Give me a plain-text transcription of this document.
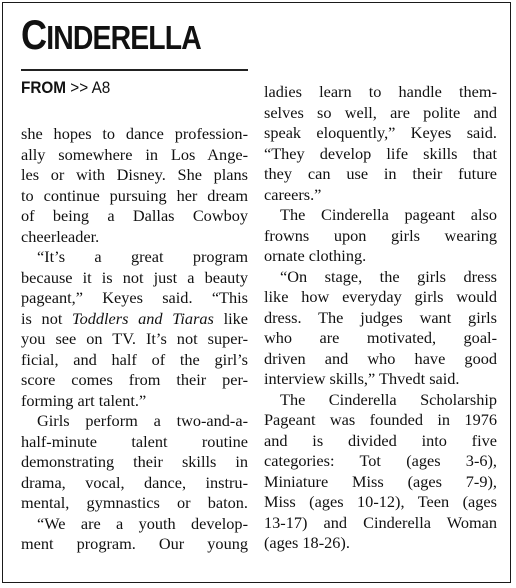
CINDERELLA
FROM >> A8
she hopes to dance profession-
ally somewhere in Los Ange-
les or with Disney. She plans
to continue pursuing her dream
of being a Dallas Cowboy
cheerleader.
“It’s a great program
because it is not just a beauty
pageant,” Keyes said. “This
is not Toddlers and Tiaras like
you see on TV. It’s not super-
ficial, and half of the girl’s
score comes from their per-
forming art talent.”
Girls perform a two-and-a-
half-minute talent routine
demonstrating their skills in
drama, vocal, dance, instru-
mental, gymnastics or baton.
“We are a youth develop-
ment program. Our young
ladies learn to handle them-
selves so well, are polite and
speak eloquently,” Keyes said.
“They develop life skills that
they can use in their future
careers.”
The Cinderella pageant also
frowns upon girls wearing
ornate clothing.
“On stage, the girls dress
like how everyday girls would
dress. The judges want girls
who are motivated, goal-
driven and who have good
interview skills,” Thvedt said.
The Cinderella Scholarship
Pageant was founded in 1976
and is divided into five
categories: Tot (ages 3-6),
Miniature Miss (ages 7-9),
Miss (ages 10-12), Teen (ages
13-17) and Cinderella Woman
(ages 18-26).
